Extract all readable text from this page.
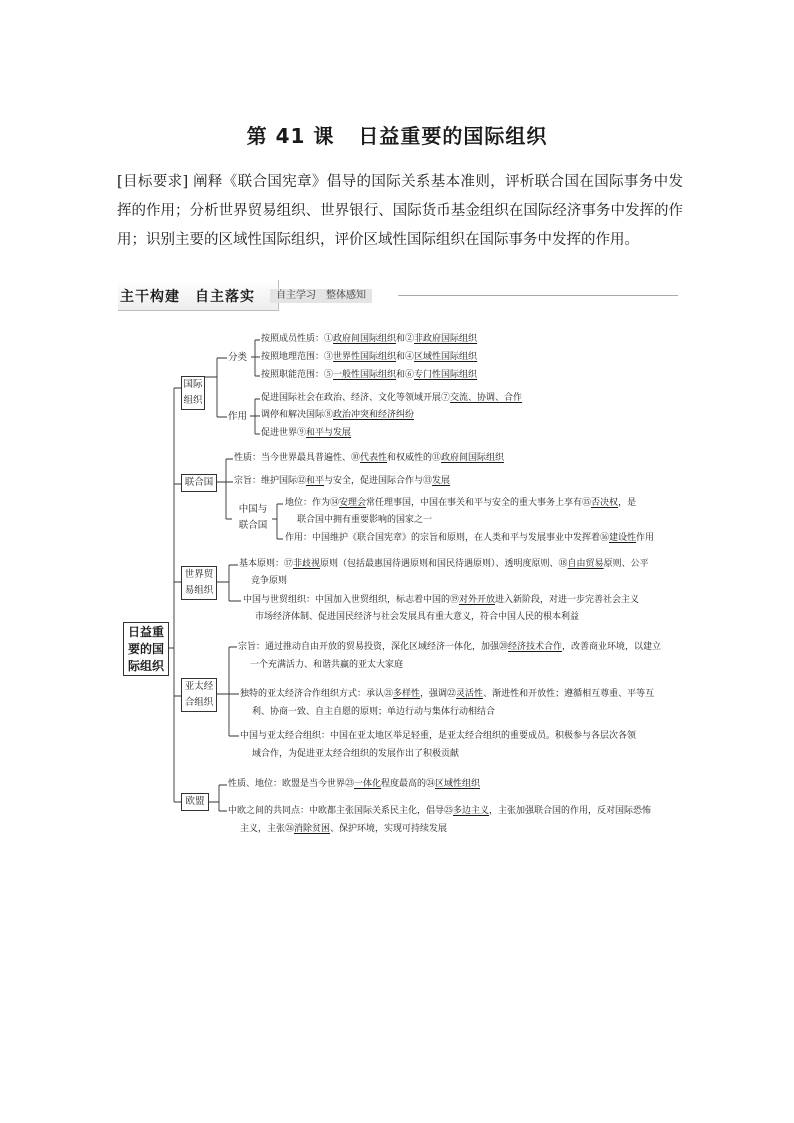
第 41 课 日益重要的国际组织
[目标要求] 阐释《联合国宪章》倡导的国际关系基本准则，评析联合国在国际事务中发挥的作用；分析世界贸易组织、世界银行、国际货币基金组织在国际经济事务中发挥的作用；识别主要的区域性国际组织，评价区域性国际组织在国际事务中发挥的作用。
主干构建　自主落实	自主学习　整体感知
日益重要的国际组织
国际组织
分类
按照成员性质：①政府间国际组织和②非政府国际组织
按照地理范围：③世界性国际组织和④区域性国际组织
按照职能范围：⑤一般性国际组织和⑥专门性国际组织
作用
促进国际社会在政治、经济、文化等领域开展⑦交流、协调、合作
调停和解决国际⑧政治冲突和经济纠纷
促进世界⑨和平与发展
联合国
性质：当今世界最具普遍性、⑩代表性和权威性的⑪政府间国际组织
宗旨：维护国际⑫和平与安全，促进国际合作与⑬发展
中国与联合国
地位：作为⑭安理会常任理事国，中国在事关和平与安全的重大事务上享有⑮否决权，是
联合国中拥有重要影响的国家之一
作用：中国维护《联合国宪章》的宗旨和原则，在人类和平与发展事业中发挥着⑯建设性作用
世界贸易组织
基本原则：⑰非歧视原则（包括最惠国待遇原则和国民待遇原则）、透明度原则、⑱自由贸易原则、公平
竞争原则
中国与世贸组织：中国加入世贸组织，标志着中国的⑲对外开放进入新阶段，对进一步完善社会主义
市场经济体制、促进国民经济与社会发展具有重大意义，符合中国人民的根本利益
亚太经合组织
宗旨：通过推动自由开放的贸易投资，深化区域经济一体化，加强⑳经济技术合作，改善商业环境，以建立
一个充满活力、和谐共赢的亚太大家庭
独特的亚太经济合作组织方式：承认㉑多样性，强调㉒灵活性、渐进性和开放性；遵循相互尊重、平等互
利、协商一致、自主自愿的原则；单边行动与集体行动相结合
中国与亚太经合组织：中国在亚太地区举足轻重，是亚太经合组织的重要成员。积极参与各层次各领
域合作，为促进亚太经合组织的发展作出了积极贡献
欧盟
性质、地位：欧盟是当今世界㉓一体化程度最高的㉔区域性组织
中欧之间的共同点：中欧都主张国际关系民主化，倡导㉕多边主义，主张加强联合国的作用，反对国际恐怖
主义，主张㉖消除贫困、保护环境，实现可持续发展
